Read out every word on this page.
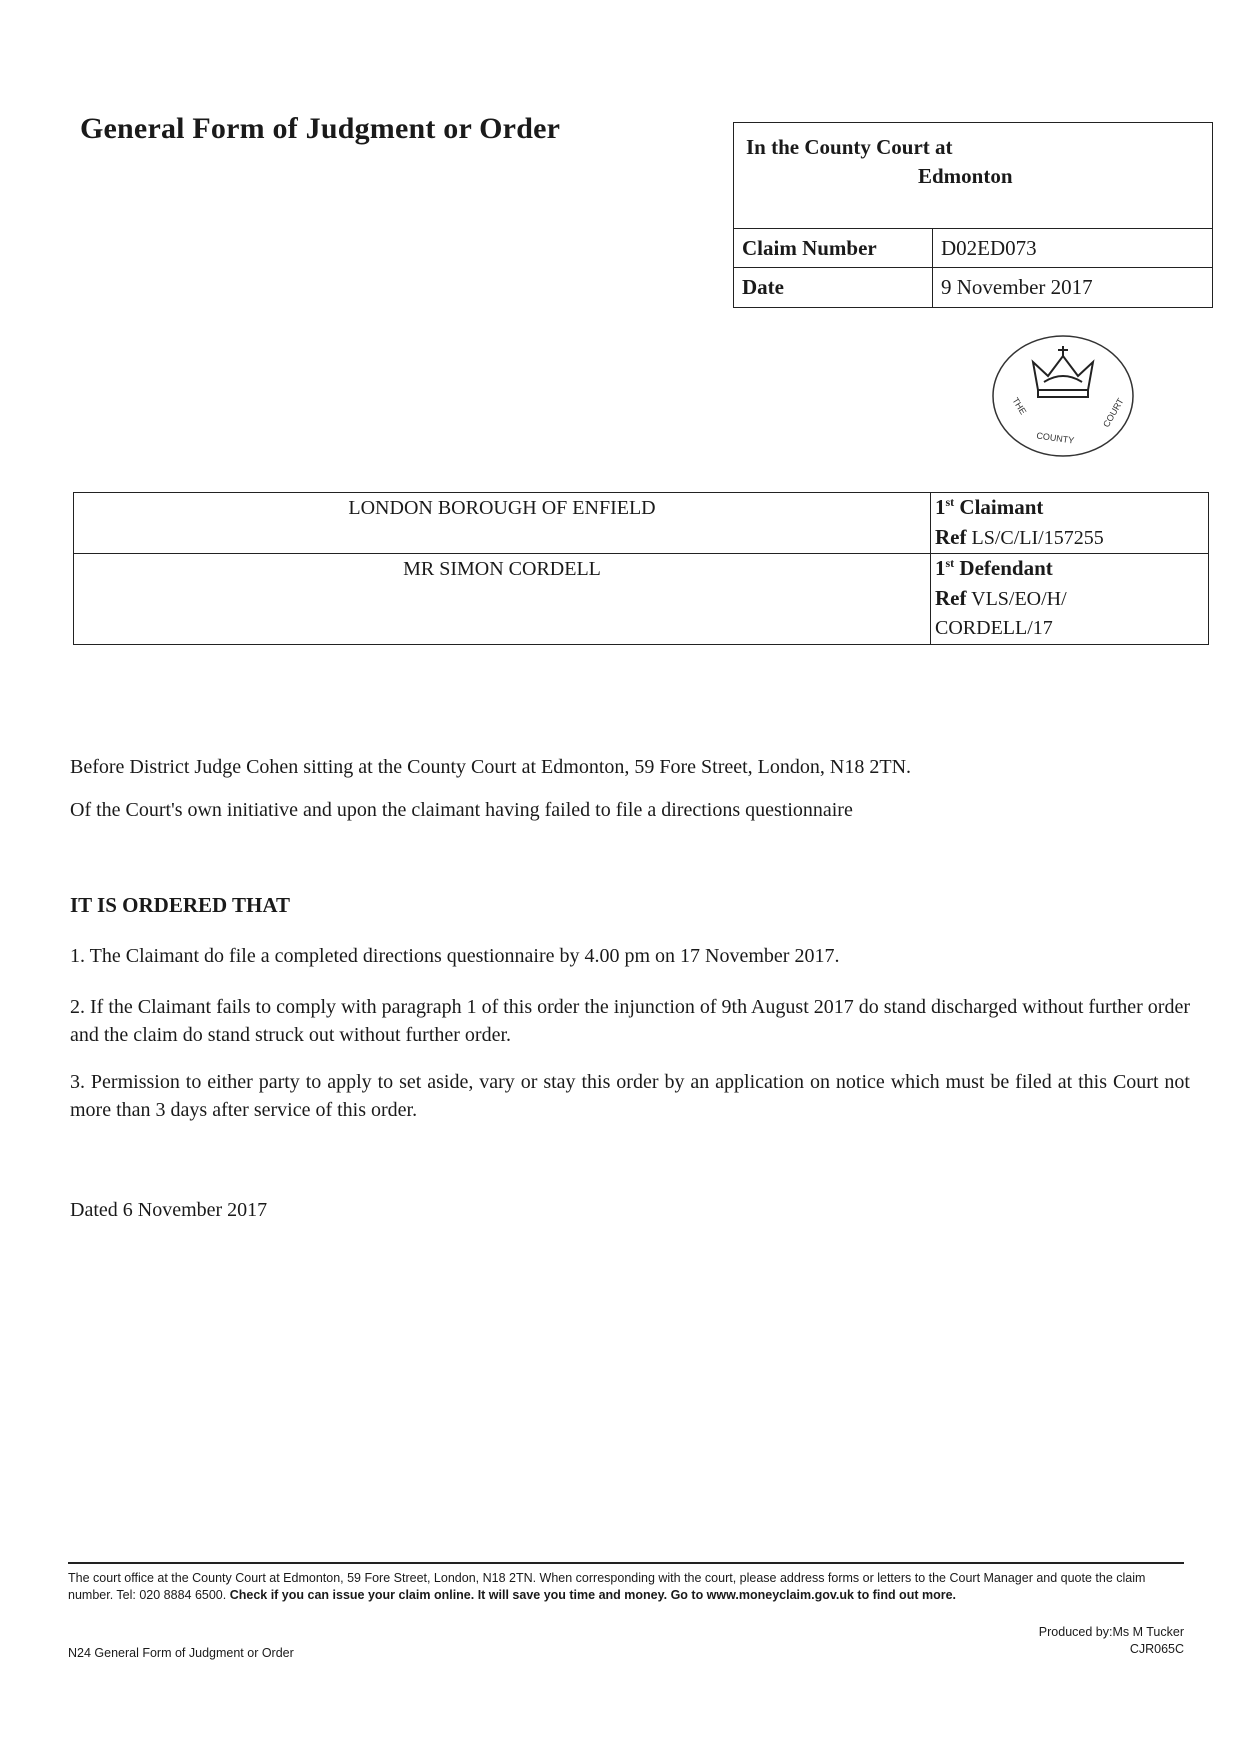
General Form of Judgment or Order
In the County Court at
Edmonton
Claim Number	D02ED073
Date	9 November 2017
THE
COUNTY
COURT
LONDON BOROUGH OF ENFIELD	1st Claimant
Ref LS/C/LI/157255
MR SIMON CORDELL	1st Defendant
Ref VLS/EO/H/
CORDELL/17
Before District Judge Cohen sitting at the County Court at Edmonton, 59 Fore Street, London, N18 2TN.
Of the Court's own initiative and upon the claimant having failed to file a directions questionnaire
IT IS ORDERED THAT
1. The Claimant do file a completed directions questionnaire by 4.00 pm on 17 November 2017.
2. If the Claimant fails to comply with paragraph 1 of this order the injunction of 9th August 2017 do stand discharged without further order and the claim do stand struck out without further order.
3. Permission to either party to apply to set aside, vary or stay this order by an application on notice which must be filed at this Court not more than 3 days after service of this order.
Dated 6 November 2017
The court office at the County Court at Edmonton, 59 Fore Street, London, N18 2TN. When corresponding with the court, please address forms or letters to the Court Manager and quote the claim number. Tel: 020 8884 6500. Check if you can issue your claim online. It will save you time and money. Go to www.moneyclaim.gov.uk to find out more.
Produced by:Ms M Tucker
CJR065C
N24 General Form of Judgment or Order
